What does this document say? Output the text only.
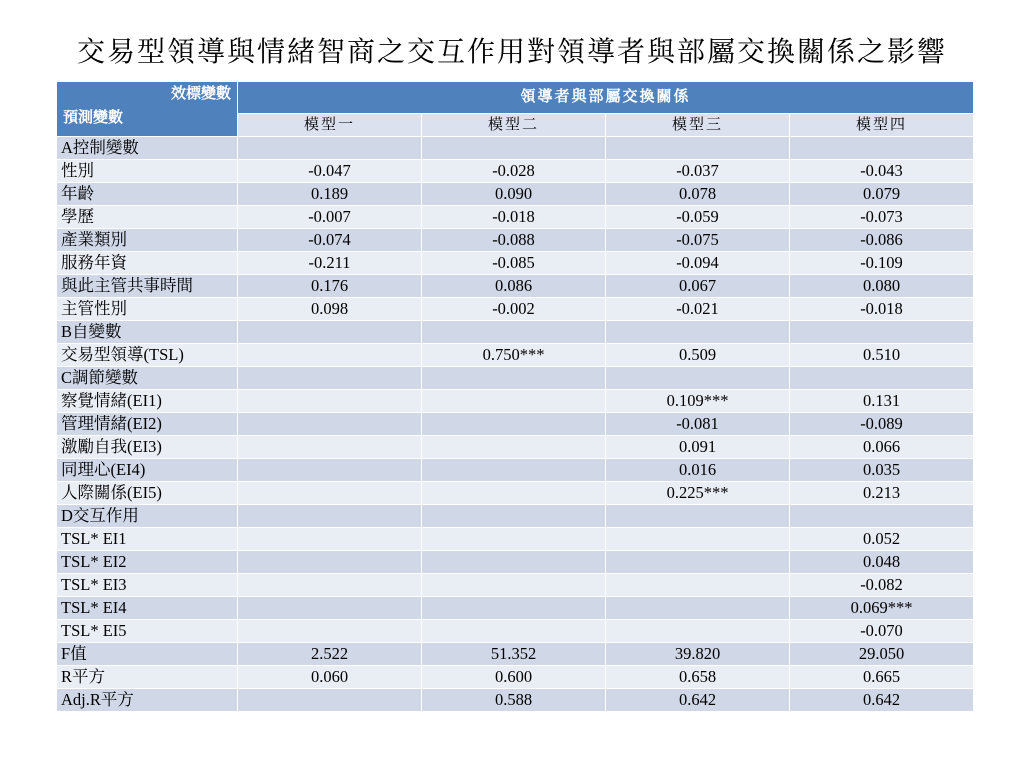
交易型領導與情緒智商之交互作用對領導者與部屬交換關係之影響
效標變數
預測變數	領導者與部屬交換關係			
	模型一	模型二	模型三	模型四
A控制變數				
性別	-0.047	-0.028	-0.037	-0.043
年齡	0.189	0.090	0.078	0.079
學歷	-0.007	-0.018	-0.059	-0.073
產業類別	-0.074	-0.088	-0.075	-0.086
服務年資	-0.211	-0.085	-0.094	-0.109
與此主管共事時間	0.176	0.086	0.067	0.080
主管性別	0.098	-0.002	-0.021	-0.018
B自變數				
交易型領導(TSL)		0.750***	0.509	0.510
C調節變數				
察覺情緒(EI1)			0.109***	0.131
管理情緒(EI2)			-0.081	-0.089
激勵自我(EI3)			0.091	0.066
同理心(EI4)			0.016	0.035
人際關係(EI5)			0.225***	0.213
D交互作用				
TSL* EI1				0.052
TSL* EI2				0.048
TSL* EI3				-0.082
TSL* EI4				0.069***
TSL* EI5				-0.070
F值	2.522	51.352	39.820	29.050
R平方	0.060	0.600	0.658	0.665
Adj.R平方		0.588	0.642	0.642
